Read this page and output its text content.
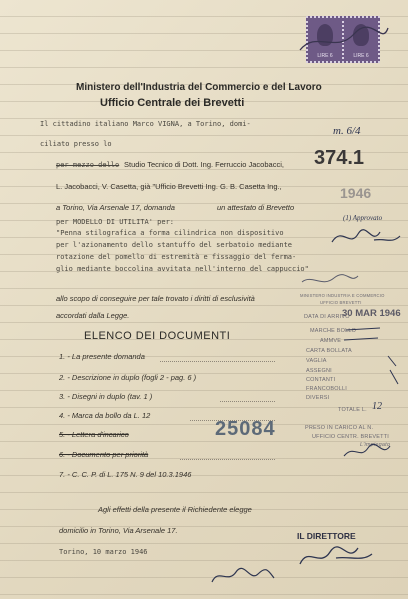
LIRE 6	LIRE 6
m. 6/4
Ministero dell'Industria del Commercio e del Lavoro
Ufficio Centrale dei Brevetti
Il cittadino italiano Marco VIGNA, a Torino, domi-
ciliato presso lo
per mezzo dello Studio Tecnico di Dott. Ing. Ferruccio Jacobacci,
L. Jacobacci, V. Casetta, già "Ufficio Brevetti Ing. G. B. Casetta Ing.,
a Torino, Via Arsenale 17, domanda	un attestato di Brevetto
per MODELLO DI UTILITA' per:
"Penna stilografica a forma cilindrica non dispositivo
per l'azionamento dello stantuffo del serbatoio mediante
rotazione del pomello di estremità e fissaggio del ferma-
glio mediante boccolina avvitata nell'interno del cappuccio"
allo scopo di conseguire per tale trovato i diritti di esclusività
accordati dalla Legge.
374.1
1946
(1) Approvato
ELENCO DEI DOCUMENTI
1. - La presente domanda
2. - Descrizione in duplo (fogli 2 - pag. 6 )
3. - Disegni in duplo (tav. 1 )
4. - Marca da bollo da L. 12
5. - Lettera d'incarico
6. - Documento per priorità
7. - C. C. P. di L. 175 N. 9 del 10.3.1946
25084
MINISTERO INDUSTRIA E COMMERCIO
UFFICIO BREVETTI
DATA DI ARRIVO
30 MAR 1946
MARCHE BOLLO
AMMVE
CARTA BOLLATA
VAGLIA
ASSEGNI
CONTANTI
FRANCOBOLLI
DIVERSI
TOTALE L. 12
PRESO IN CARICO AL N.
UFFICIO CENTR. BREVETTI
L'impiegato
Agli effetti della presente il Richiedente elegge
domicilio in Torino, Via Arsenale 17.
Torino, 10 marzo 1946
IL DIRETTORE
